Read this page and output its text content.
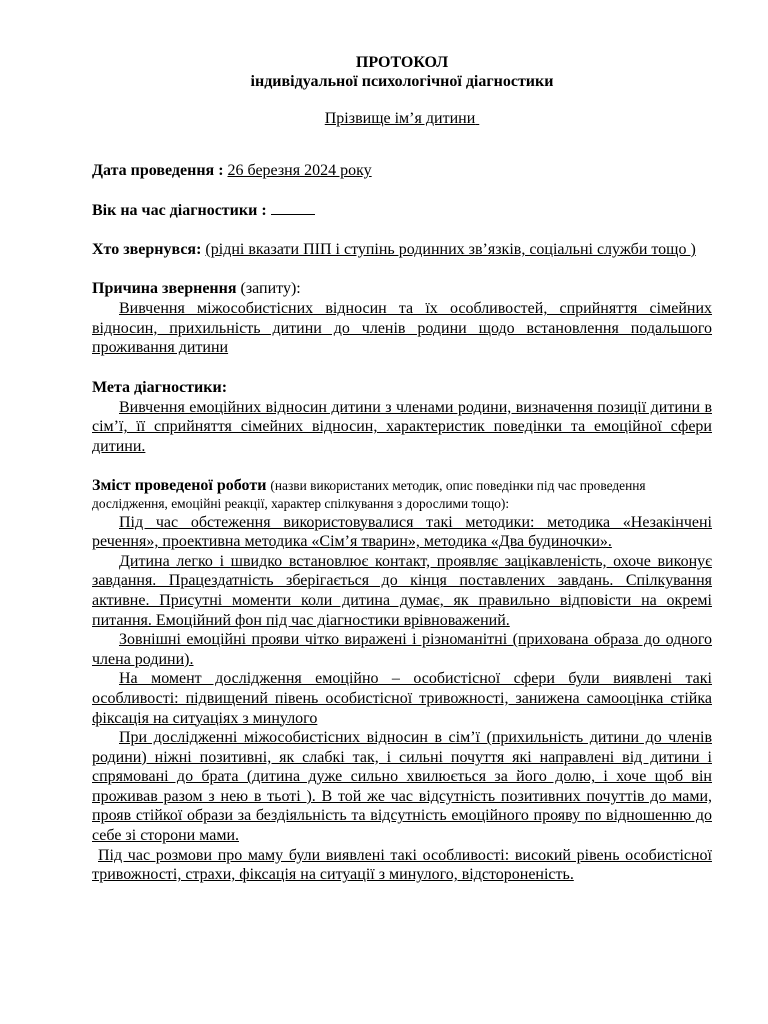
ПРОТОКОЛ
індивідуальної психологічної діагностики
Прізвище ім’я дитини
Дата проведення : 26 березня 2024 року
Вік на час діагностики :
Хто звернувся: (рідні вказати ПІП і ступінь родинних зв’язків, соціальні служби тощо )
Причина звернення (запиту):
Вивчення міжособистісних відносин та їх особливостей, сприйняття сімейних відносин, прихильність дитини до членів родини щодо встановлення подальшого проживання дитини
Мета діагностики:
Вивчення емоційних відносин дитини з членами родини, визначення позиції дитини в сім’ї, її сприйняття сімейних відносин, характеристик поведінки та емоційної сфери дитини.
Зміст проведеної роботи (назви використаних методик, опис поведінки під час проведення дослідження, емоційні реакції, характер спілкування з дорослими тощо):
Під час обстеження використовувалися такі методики: методика «Незакінчені речення», проективна методика «Сім’я тварин», методика «Два будиночки».
Дитина легко і швидко встановлює контакт, проявляє зацікавленість, охоче виконує завдання. Працездатність зберігається до кінця поставлених завдань. Спілкування активне. Присутні моменти коли дитина думає, як правильно відповісти на окремі питання. Емоційний фон під час діагностики врівноважений.
Зовнішні емоційні прояви чітко виражені і різноманітні (прихована образа до одного члена родини).
На момент дослідження емоційно – особистісної сфери були виявлені такі особливості: підвищений півень особистісної тривожності, занижена самооцінка стійка фіксація на ситуаціях з минулого
При дослідженні міжособистісних відносин в сім’ї (прихильність дитини до членів родини) ніжні позитивні, як слабкі так, і сильні почуття які направлені від дитини і спрямовані до брата (дитина дуже сильно хвилюється за його долю, і хоче щоб він проживав разом з нею в тьоті ). В той же час відсутність позитивних почуттів до мами, прояв стійкої образи за бездіяльність та відсутність емоційного прояву по відношенню до себе зі сторони мами.
Під час розмови про маму були виявлені такі особливості: високий рівень особистісної тривожності, страхи, фіксація на ситуації з минулого, відстороненість.
